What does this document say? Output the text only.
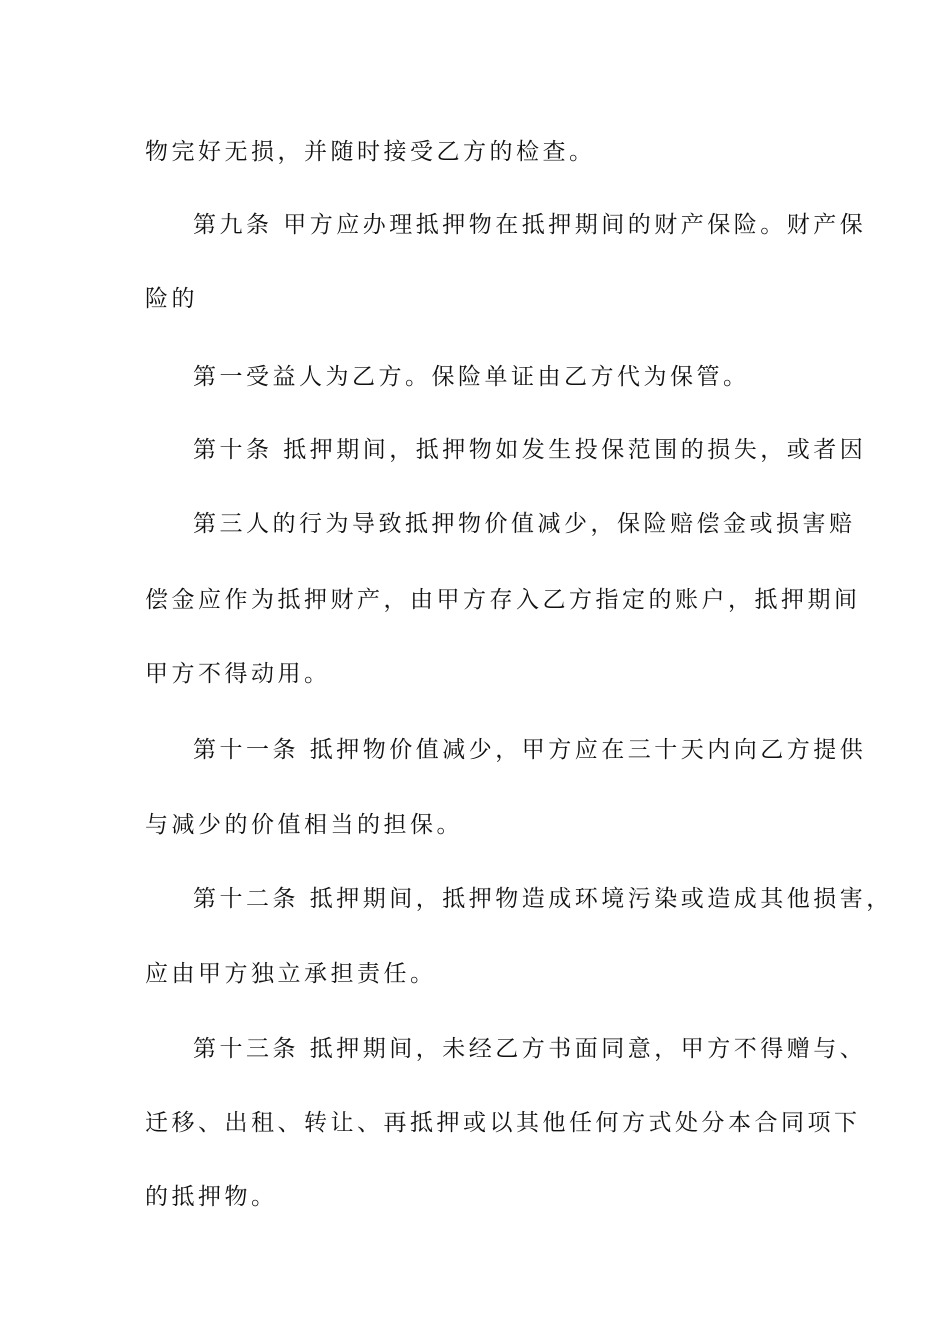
物完好无损，并随时接受乙方的检查。

第九条 甲方应办理抵押物在抵押期间的财产保险。财产保

险的

第一受益人为乙方。保险单证由乙方代为保管。

第十条 抵押期间，抵押物如发生投保范围的损失，或者因

第三人的行为导致抵押物价值减少，保险赔偿金或损害赔

偿金应作为抵押财产，由甲方存入乙方指定的账户，抵押期间

甲方不得动用。

第十一条 抵押物价值减少，甲方应在三十天内向乙方提供

与减少的价值相当的担保。

第十二条 抵押期间，抵押物造成环境污染或造成其他损害，

应由甲方独立承担责任。

第十三条 抵押期间，未经乙方书面同意，甲方不得赠与、

迁移、出租、转让、再抵押或以其他任何方式处分本合同项下

的抵押物。
